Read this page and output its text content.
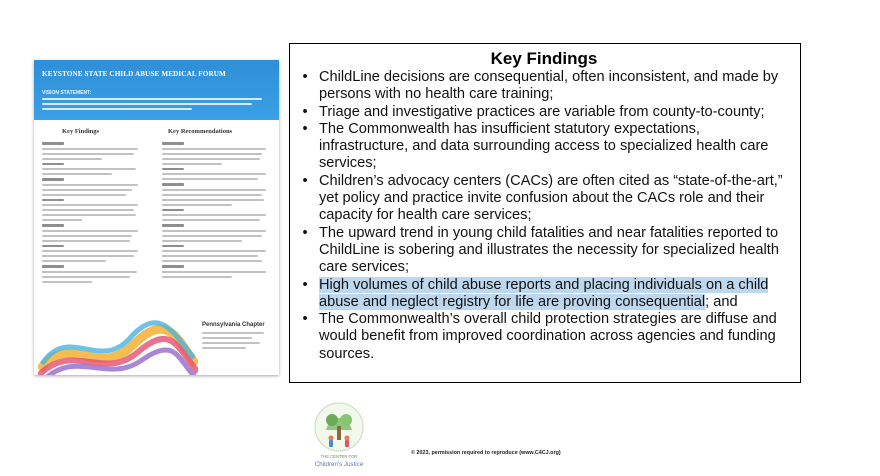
KEYSTONE STATE CHILD ABUSE MEDICAL FORUM
VISION STATEMENT:
Key Findings	Key Recommendations
Pennsylvania Chapter
Key Findings
• ChildLine decisions are consequential, often inconsistent, and made by persons with no health care training;
• Triage and investigative practices are variable from county-to-county;
• The Commonwealth has insufficient statutory expectations, infrastructure, and data surrounding access to specialized health care services;
• Children’s advocacy centers (CACs) are often cited as “state-of-the-art,” yet policy and practice invite confusion about the CACs role and their capacity for health care services;
• The upward trend in young child fatalities and near fatalities reported to ChildLine is sobering and illustrates the necessity for specialized health care services;
• High volumes of child abuse reports and placing individuals on a child abuse and neglect registry for life are proving consequential; and
• The Commonwealth’s overall child protection strategies are diffuse and would benefit from improved coordination across agencies and funding sources.
THE CENTER FOR
Children's Justice
© 2023, permission required to reproduce (www.C4CJ.org)
